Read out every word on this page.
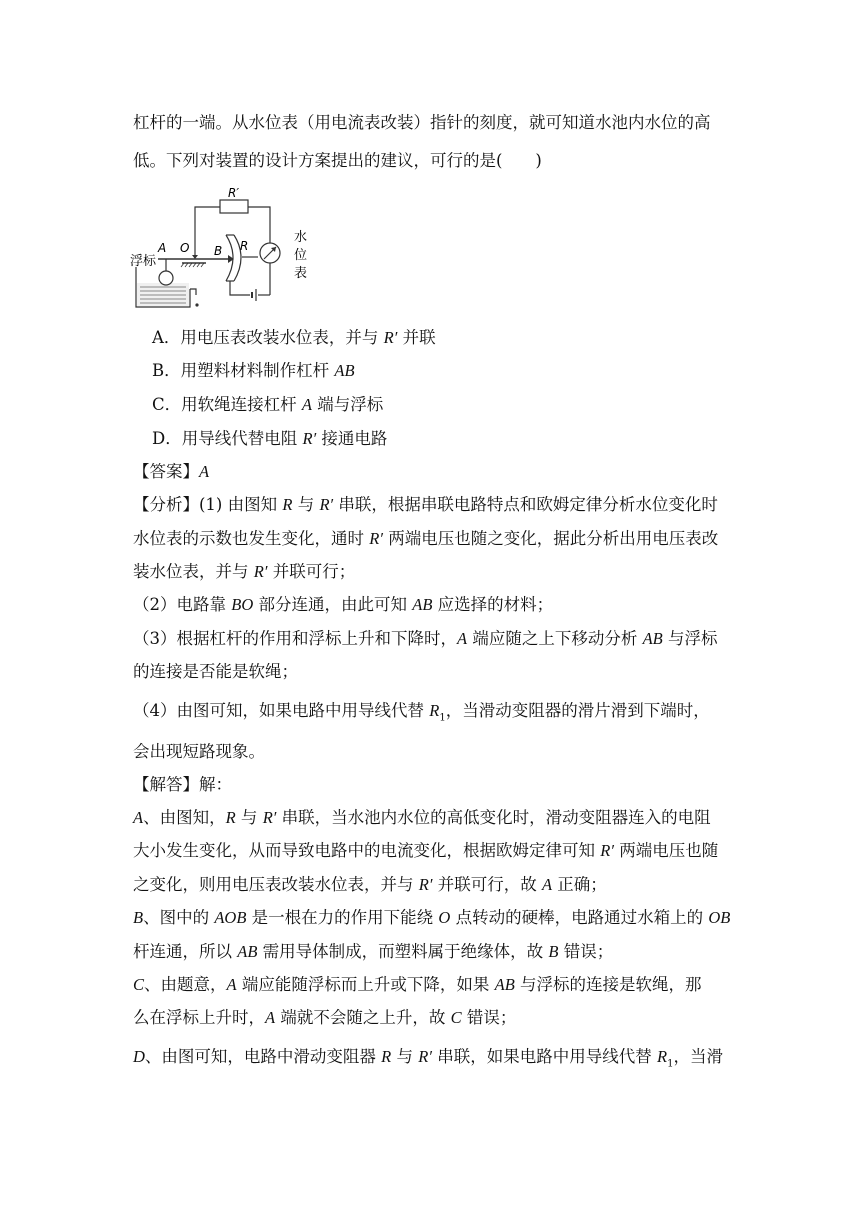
杠杆的一端。从水位表（用电流表改装）指针的刻度，就可知道水池内水位的高
低。下列对装置的设计方案提出的建议，可行的是(　　)
R′
A O B R
水
位
表
浮标
A．用电压表改装水位表，并与 R′ 并联
B．用塑料材料制作杠杆 AB
C．用软绳连接杠杆 A 端与浮标
D．用导线代替电阻 R′ 接通电路
【答案】A
【分析】(1) 由图知 R 与 R′ 串联，根据串联电路特点和欧姆定律分析水位变化时
水位表的示数也发生变化，通时 R′ 两端电压也随之变化，据此分析出用电压表改
装水位表，并与 R′ 并联可行；
（2）电路靠 BO 部分连通，由此可知 AB 应选择的材料；
（3）根据杠杆的作用和浮标上升和下降时，A 端应随之上下移动分析 AB 与浮标
的连接是否能是软绳；
（4）由图可知，如果电路中用导线代替 $R_1$，当滑动变阻器的滑片滑到下端时，
会出现短路现象。
【解答】解：
A、由图知，R 与 R′ 串联，当水池内水位的高低变化时，滑动变阻器连入的电阻
大小发生变化，从而导致电路中的电流变化，根据欧姆定律可知 R′ 两端电压也随
之变化，则用电压表改装水位表，并与 R′ 并联可行，故 A 正确；
B、图中的 AOB 是一根在力的作用下能绕 O 点转动的硬棒，电路通过水箱上的 OB
杆连通，所以 AB 需用导体制成，而塑料属于绝缘体，故 B 错误；
C、由题意，A 端应能随浮标而上升或下降，如果 AB 与浮标的连接是软绳，那
么在浮标上升时，A 端就不会随之上升，故 C 错误；
D、由图可知，电路中滑动变阻器 R 与 R′ 串联，如果电路中用导线代替 $R_1$，当滑
